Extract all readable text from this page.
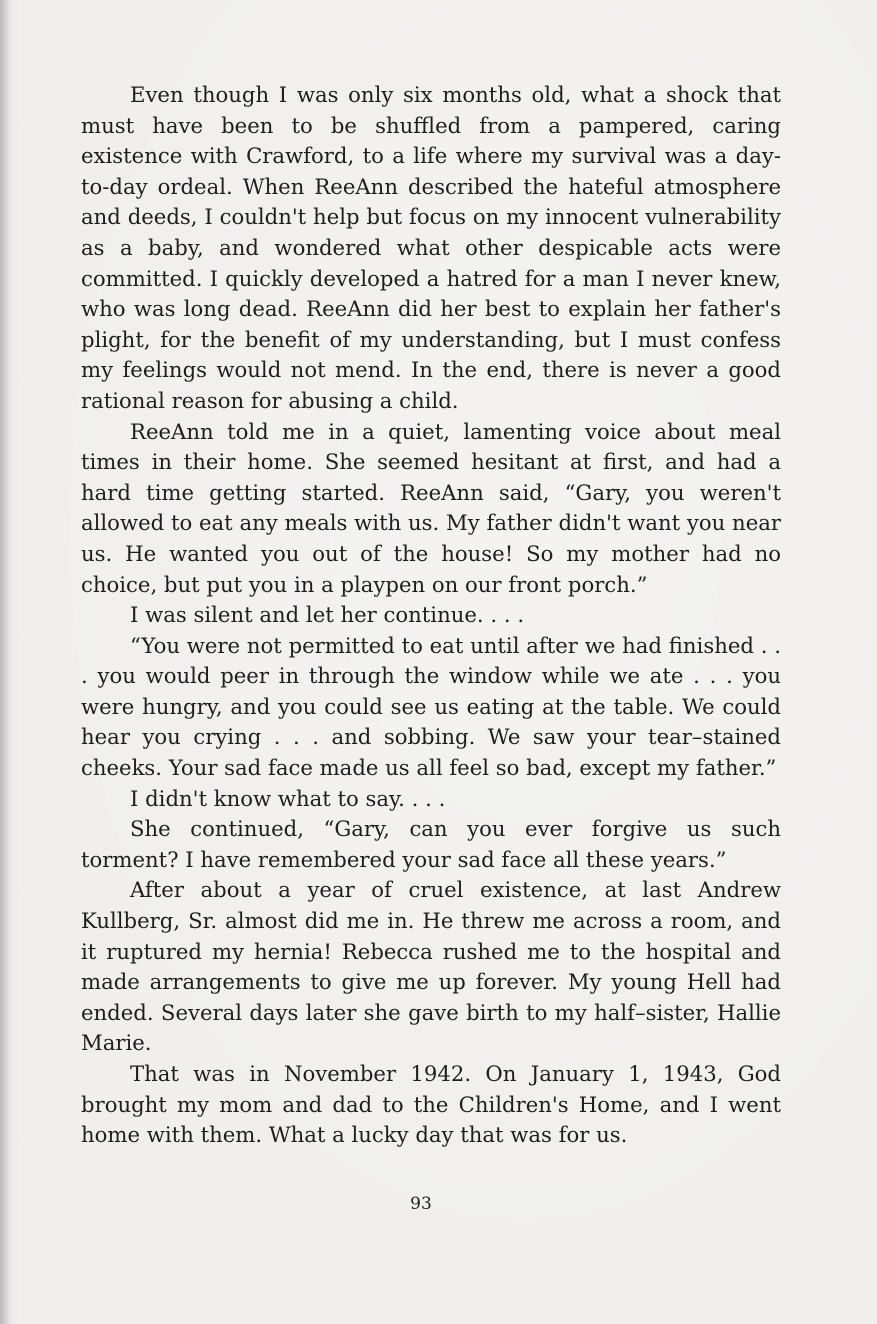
Even though I was only six months old, what a shock that must have been to be shuffled from a pampered, caring existence with Crawford, to a life where my survival was a day-to-day ordeal. When ReeAnn described the hateful atmosphere and deeds, I couldn't help but focus on my innocent vulnerability as a baby, and wondered what other despicable acts were committed. I quickly developed a hatred for a man I never knew, who was long dead. ReeAnn did her best to explain her father's plight, for the benefit of my understanding, but I must confess my feelings would not mend. In the end, there is never a good rational reason for abusing a child.

ReeAnn told me in a quiet, lamenting voice about meal times in their home. She seemed hesitant at first, and had a hard time getting started. ReeAnn said, “Gary, you weren't allowed to eat any meals with us. My father didn't want you near us. He wanted you out of the house! So my mother had no choice, but put you in a playpen on our front porch.”

I was silent and let her continue. . . .

“You were not permitted to eat until after we had finished . . . you would peer in through the window while we ate . . . you were hungry, and you could see us eating at the table. We could hear you crying . . . and sobbing. We saw your tear–stained cheeks. Your sad face made us all feel so bad, except my father.”

I didn't know what to say. . . .

She continued, “Gary, can you ever forgive us such torment? I have remembered your sad face all these years.”

After about a year of cruel existence, at last Andrew Kullberg, Sr. almost did me in. He threw me across a room, and it ruptured my hernia! Rebecca rushed me to the hospital and made arrangements to give me up forever. My young Hell had ended. Several days later she gave birth to my half–sister, Hallie Marie.

That was in November 1942. On January 1, 1943, God brought my mom and dad to the Children's Home, and I went home with them. What a lucky day that was for us.

93
